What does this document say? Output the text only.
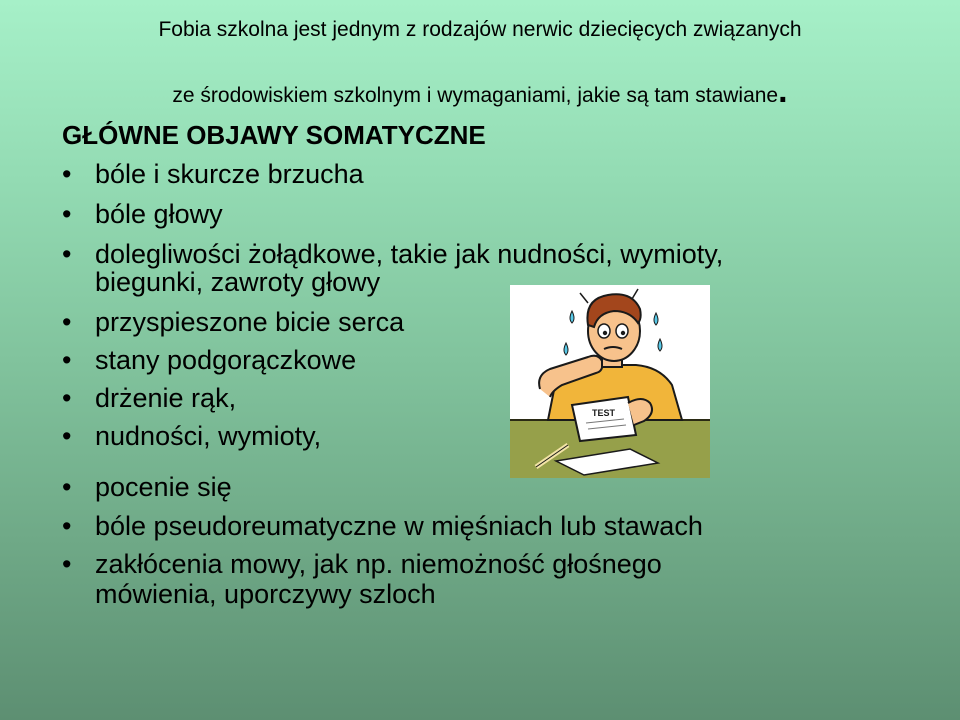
Fobia szkolna jest jednym z rodzajów nerwic dziecięcych związanych
ze środowiskiem szkolnym i wymaganiami, jakie są tam stawiane.
GŁÓWNE OBJAWY SOMATYCZNE
• bóle i skurcze brzucha
• bóle głowy
• dolegliwości żołądkowe, takie jak nudności, wymioty,
biegunki, zawroty głowy
• przyspieszone bicie serca
• stany podgorączkowe
• drżenie rąk,
• nudności, wymioty,
• pocenie się
• bóle pseudoreumatyczne w mięśniach lub stawach
• zakłócenia mowy, jak np. niemożność głośnego
mówienia, uporczywy szloch
TEST
